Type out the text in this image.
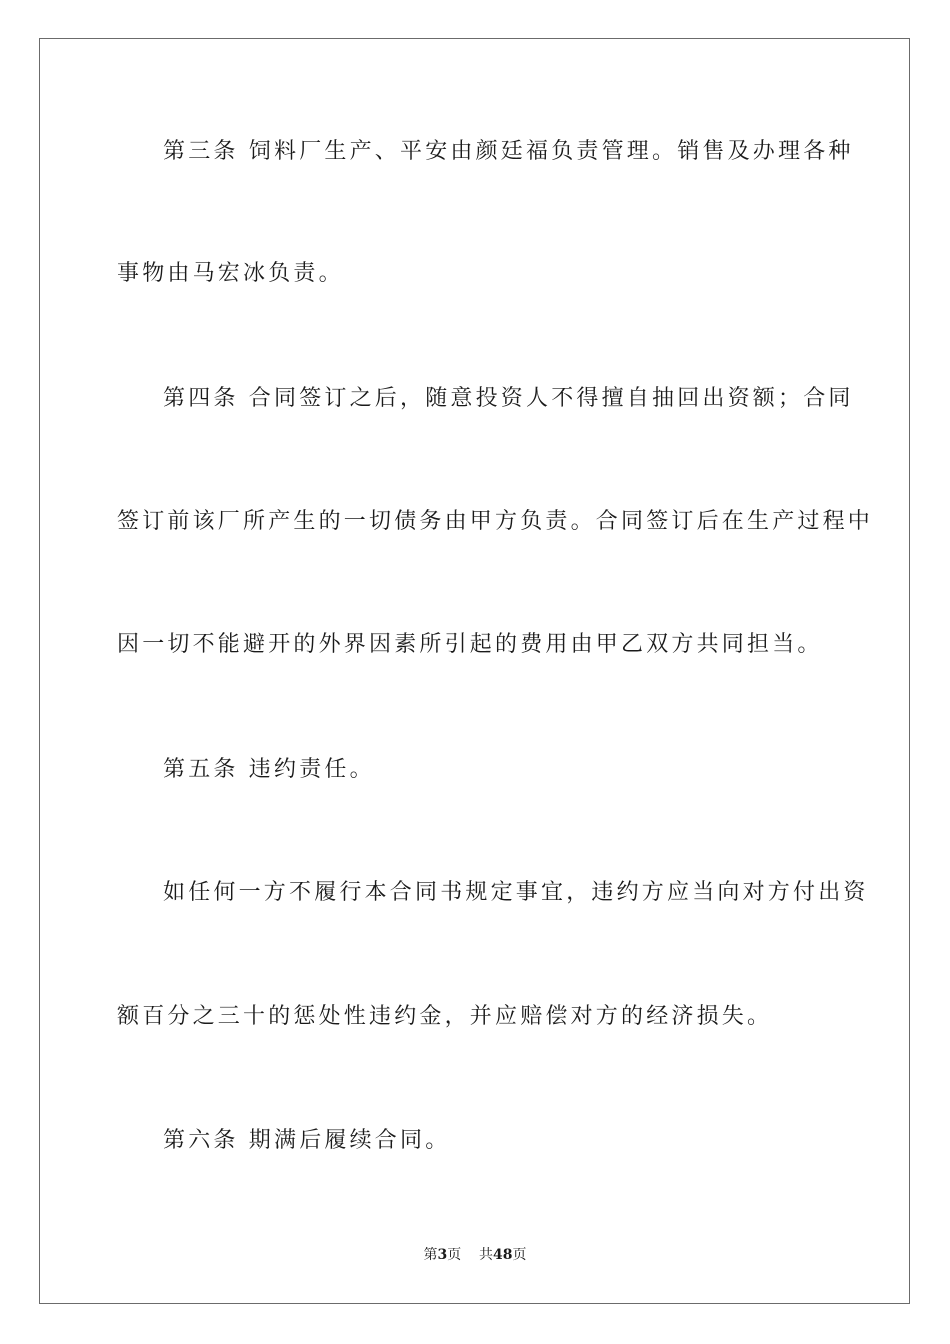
第三条 饲料厂生产、平安由颜廷福负责管理。销售及办理各种
事物由马宏冰负责。
第四条 合同签订之后，随意投资人不得擅自抽回出资额；合同
签订前该厂所产生的一切债务由甲方负责。合同签订后在生产过程中
因一切不能避开的外界因素所引起的费用由甲乙双方共同担当。
第五条 违约责任。
如任何一方不履行本合同书规定事宜，违约方应当向对方付出资
额百分之三十的惩处性违约金，并应赔偿对方的经济损失。
第六条 期满后履续合同。
第3页 共48页
